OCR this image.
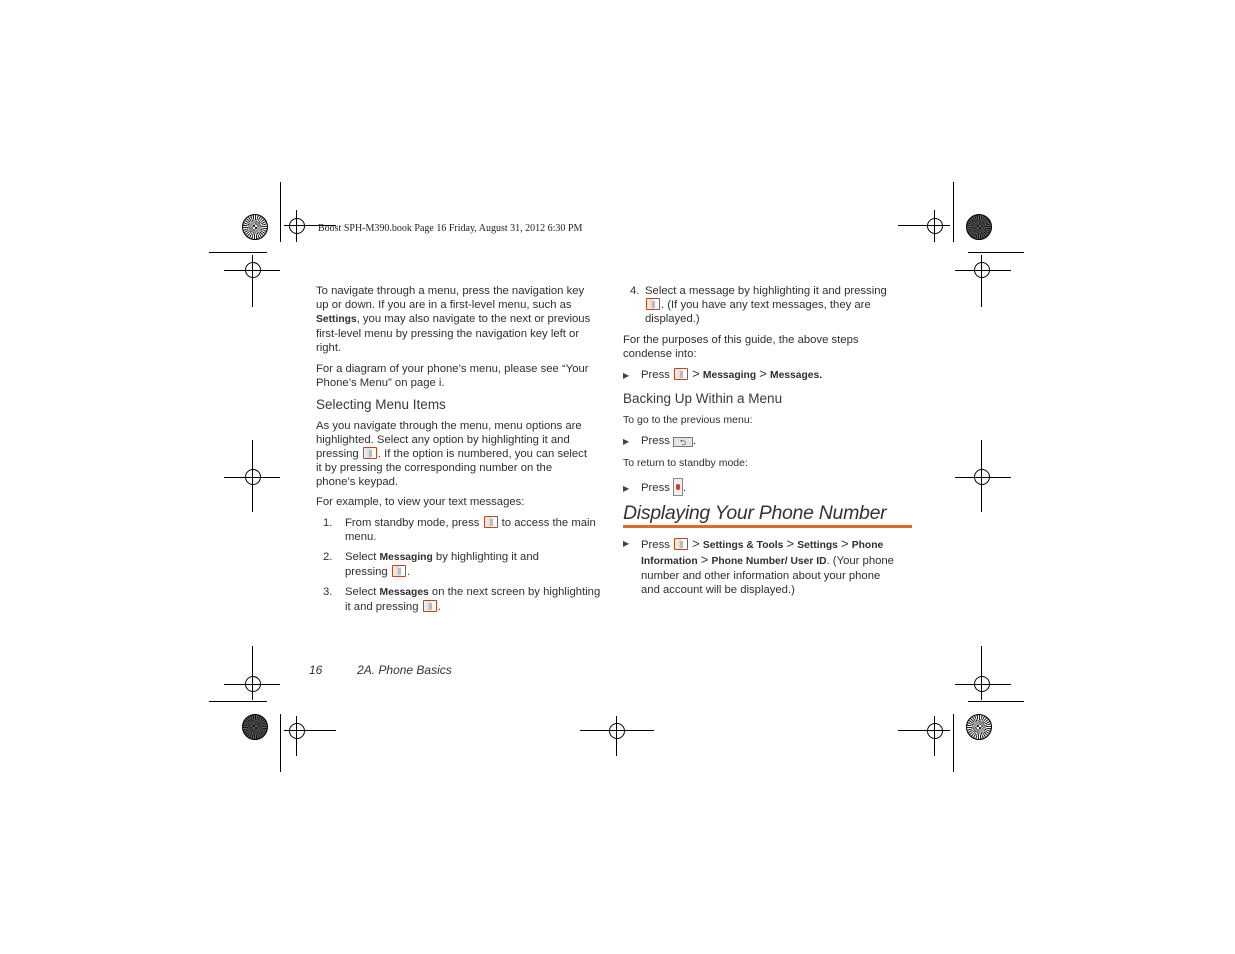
Boost SPH-M390.book Page 16 Friday, August 31, 2012 6:30 PM
To navigate through a menu, press the navigation key
up or down. If you are in a first-level menu, such as
Settings, you may also navigate to the next or previous
first-level menu by pressing the navigation key left or
right.
For a diagram of your phone’s menu, please see “Your
Phone’s Menu” on page i.
Selecting Menu Items
As you navigate through the menu, menu options are
highlighted. Select any option by highlighting it and
pressing . If the option is numbered, you can select
it by pressing the corresponding number on the
phone’s keypad.
For example, to view your text messages:
1. From standby mode, press to access the main
menu.
2. Select Messaging by highlighting it and
pressing .
3. Select Messages on the next screen by highlighting
it and pressing .
4. Select a message by highlighting it and pressing
. (If you have any text messages, they are
displayed.)
For the purposes of this guide, the above steps
condense into:
▶ Press > Messaging > Messages.
Backing Up Within a Menu
To go to the previous menu:
▶ Press ⮌ .
To return to standby mode:
▶ Press .
Displaying Your Phone Number
▶	Press > Settings & Tools > Settings > Phone
Information > Phone Number/ User ID. (Your phone
number and other information about your phone
and account will be displayed.)
16	2A. Phone Basics
